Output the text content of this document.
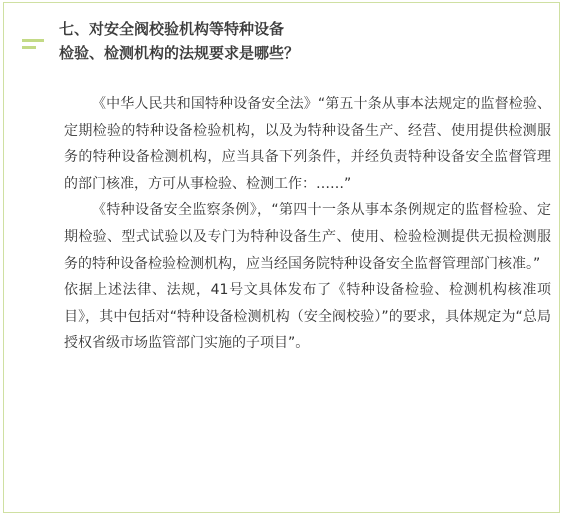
七、对安全阀校验机构等特种设备
检验、检测机构的法规要求是哪些？

《中华人民共和国特种设备安全法》“第五十条从事本法规定的监督检验、定期检验的特种设备检验机构，以及为特种设备生产、经营、使用提供检测服务的特种设备检测机构，应当具备下列条件，并经负责特种设备安全监督管理的部门核准，方可从事检验、检测工作：……”

《特种设备安全监察条例》，“第四十一条从事本条例规定的监督检验、定期检验、型式试验以及专门为特种设备生产、使用、检验检测提供无损检测服务的特种设备检验检测机构，应当经国务院特种设备安全监督管理部门核准。”

依据上述法律、法规，41号文具体发布了《特种设备检验、检测机构核准项目》，其中包括对“特种设备检测机构（安全阀校验）”的要求，具体规定为“总局授权省级市场监管部门实施的子项目”。
